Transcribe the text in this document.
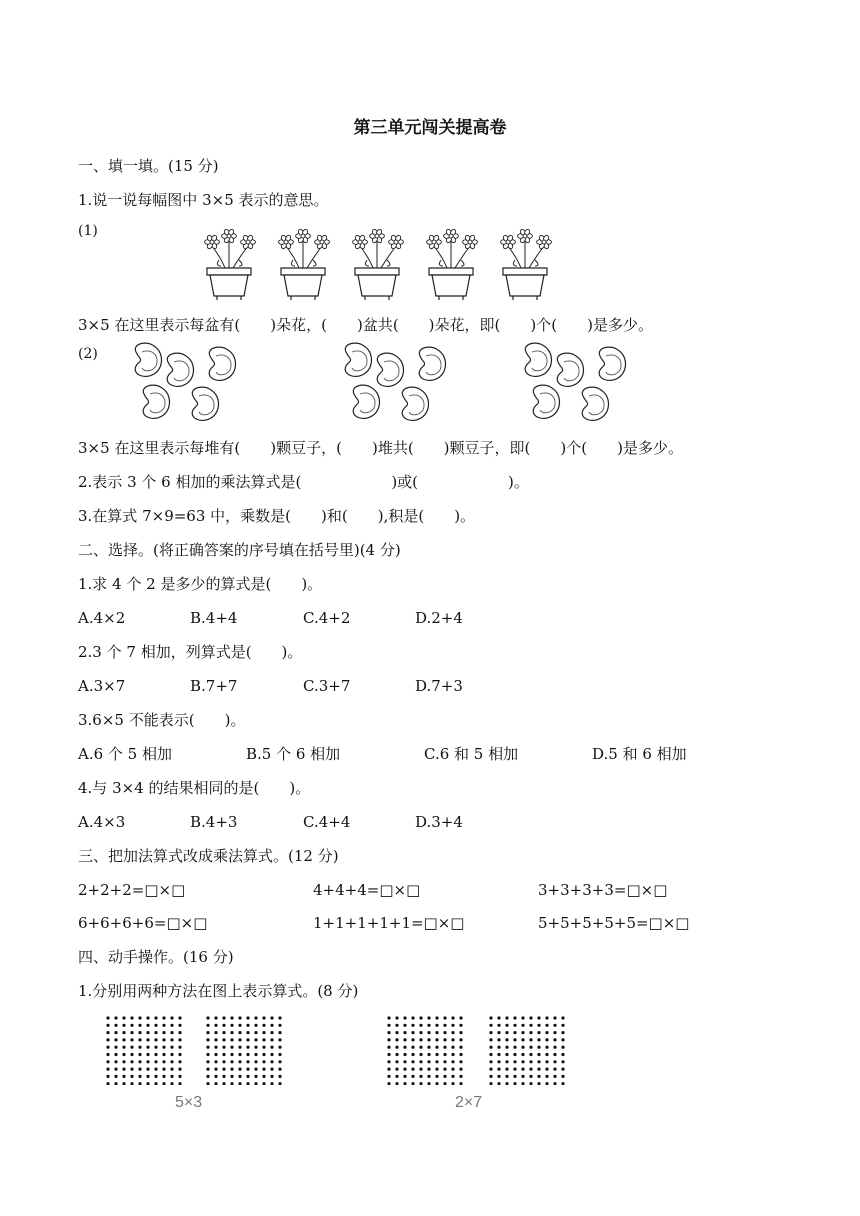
第三单元闯关提高卷
一、填一填。(15 分)
1.说一说每幅图中 3×5 表示的意思。
(1)
3×5 在这里表示每盆有(　　)朵花，(　　)盆共(　　)朵花，即(　　)个(　　)是多少。
(2)
3×5 在这里表示每堆有(　　)颗豆子，(　　)堆共(　　)颗豆子，即(　　)个(　　)是多少。
2.表示 3 个 6 相加的乘法算式是(　　　　　　)或(　　　　　　)。
3.在算式 7×9=63 中，乘数是(　　)和(　　),积是(　　)。
二、选择。(将正确答案的序号填在括号里)(4 分)
1.求 4 个 2 是多少的算式是(　　)。
A.4×2	B.4+4	C.4+2	D.2+4
2.3 个 7 相加，列算式是(　　)。
A.3×7	B.7+7	C.3+7	D.7+3
3.6×5 不能表示(　　)。
A.6 个 5 相加	B.5 个 6 相加	C.6 和 5 相加	D.5 和 6 相加
4.与 3×4 的结果相同的是(　　)。
A.4×3	B.4+3	C.4+4	D.3+4
三、把加法算式改成乘法算式。(12 分)
2+2+2=□×□	4+4+4=□×□	3+3+3+3=□×□
6+6+6+6=□×□	1+1+1+1+1=□×□	5+5+5+5+5=□×□
四、动手操作。(16 分)
1.分别用两种方法在图上表示算式。(8 分)
5×3	2×7
